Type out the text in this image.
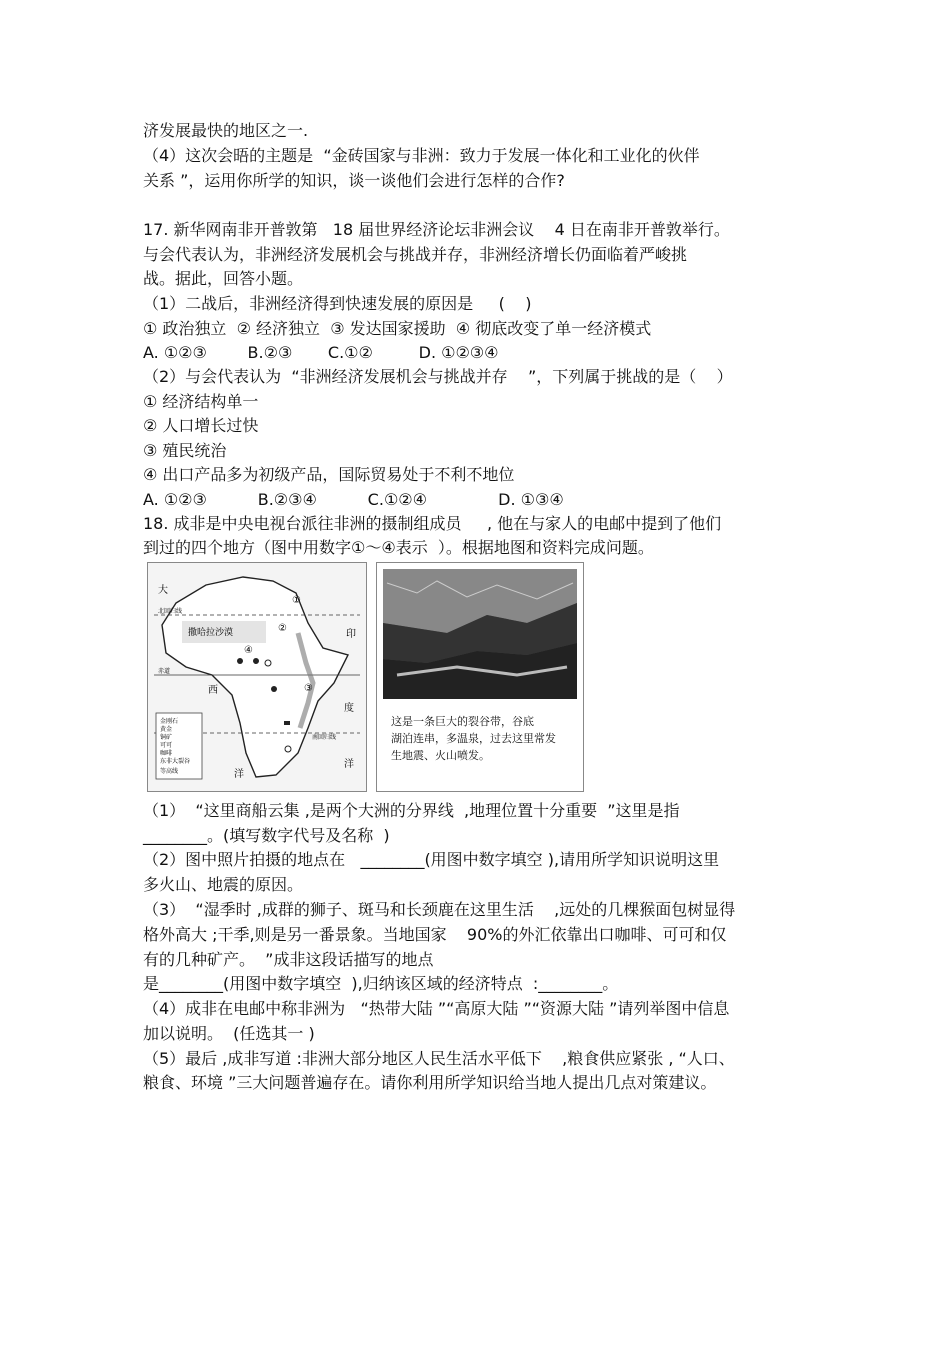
济发展最快的地区之一.
（4）这次会晤的主题是  “金砖国家与非洲：致力于发展一体化和工业化的伙伴
关系 ”，运用你所学的知识，谈一谈他们会进行怎样的合作?
17. 新华网南非开普敦第   18 届世界经济论坛非洲会议    4 日在南非开普敦举行。
与会代表认为，非洲经济发展机会与挑战并存，非洲经济增长仍面临着严峻挑
战。据此，回答小题。
（1）二战后，非洲经济得到快速发展的原因是     (    )
① 政治独立  ② 经济独立  ③ 发达国家援助  ④ 彻底改变了单一经济模式
A. ①②③        B.②③       C.①②         D. ①②③④
（2）与会代表认为  “非洲经济发展机会与挑战并存    ”，下列属于挑战的是（    ）
① 经济结构单一
② 人口增长过快
③ 殖民统治
④ 出口产品多为初级产品，国际贸易处于不利不地位
A. ①②③          B.②③④          C.①②④              D. ①③④
18. 成非是中央电视台派往非洲的摄制组成员     , 他在与家人的电邮中提到了他们
到过的四个地方（图中用数字①～④表示  ）。根据地图和资料完成问题。
大
北回归线
撒哈拉沙漠
赤道
西
南回归线
洋
印
度
洋
①
②
③
④
金刚石
黄金
铜矿
可可
咖啡
东非大裂谷
等高线
这是一条巨大的裂谷带，谷底
湖泊连串，多温泉，过去这里常发
生地震、火山喷发。
（1）  “这里商船云集 ,是两个大洲的分界线  ,地理位置十分重要  ”这里是指
________。(填写数字代号及名称  )
（2）图中照片拍摄的地点在   ________(用图中数字填空 ),请用所学知识说明这里
多火山、地震的原因。
（3）  “湿季时 ,成群的狮子、斑马和长颈鹿在这里生活    ,远处的几棵猴面包树显得
格外高大 ;干季,则是另一番景象。当地国家    90%的外汇依靠出口咖啡、可可和仅
有的几种矿产。  ”成非这段话描写的地点
是________(用图中数字填空  ),归纳该区域的经济特点  :________。
（4）成非在电邮中称非洲为   “热带大陆 ”“高原大陆 ”“资源大陆 ”请列举图中信息
加以说明。  (任选其一 )
（5）最后 ,成非写道 :非洲大部分地区人民生活水平低下    ,粮食供应紧张 , “人口、
粮食、环境 ”三大问题普遍存在。请你利用所学知识给当地人提出几点对策建议。
